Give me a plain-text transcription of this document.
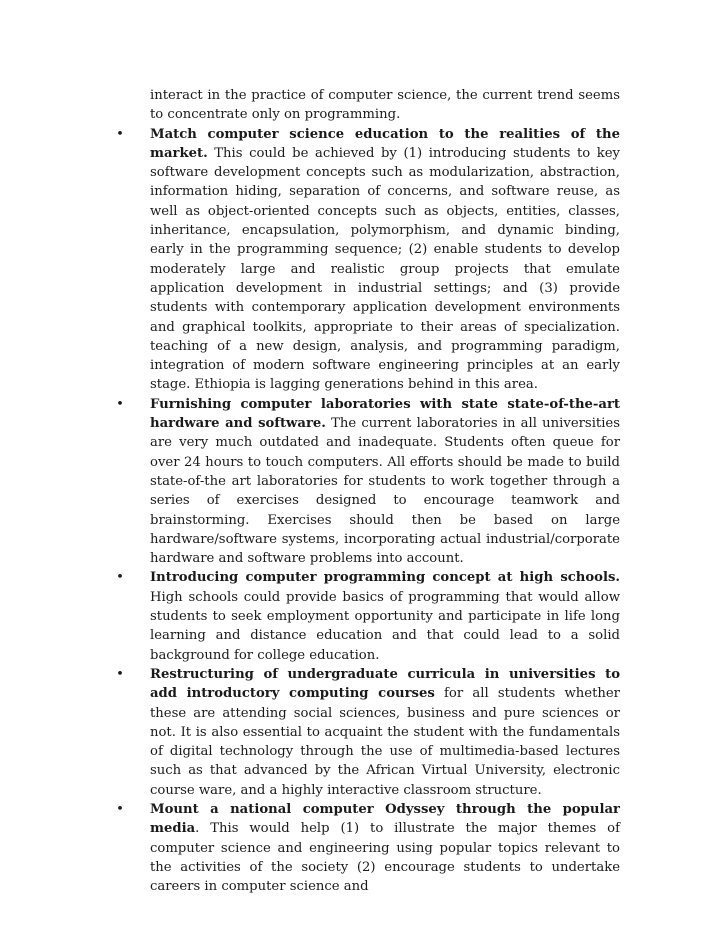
interact in the practice of computer science, the current trend seems to concentrate only on programming.

• Match computer science education to the realities of the market. This could be achieved by (1) introducing students to key software development concepts such as modularization, abstraction, information hiding, separation of concerns, and software reuse, as well as object-oriented concepts such as objects, entities, classes, inheritance, encapsulation, polymorphism, and dynamic binding, early in the programming sequence; (2) enable students to develop moderately large and realistic group projects that emulate application development in industrial settings; and (3) provide students with contemporary application development environments and graphical toolkits, appropriate to their areas of specialization. teaching of a new design, analysis, and programming paradigm, integration of modern software engineering principles at an early stage. Ethiopia is lagging generations behind in this area.

• Furnishing computer laboratories with state state-of-the-art hardware and software. The current laboratories in all universities are very much outdated and inadequate. Students often queue for over 24 hours to touch computers. All efforts should be made to build state-of-the art laboratories for students to work together through a series of exercises designed to encourage teamwork and brainstorming. Exercises should then be based on large hardware/software systems, incorporating actual industrial/corporate hardware and software problems into account.

• Introducing computer programming concept at high schools. High schools could provide basics of programming that would allow students to seek employment opportunity and participate in life long learning and distance education and that could lead to a solid background for college education.

• Restructuring of undergraduate curricula in universities to add introductory computing courses for all students whether these are attending social sciences, business and pure sciences or not. It is also essential to acquaint the student with the fundamentals of digital technology through the use of multimedia-based lectures such as that advanced by the African Virtual University, electronic course ware, and a highly interactive classroom structure.

• Mount a national computer Odyssey through the popular media. This would help (1) to illustrate the major themes of computer science and engineering using popular topics relevant to the activities of the society (2) encourage students to undertake careers in computer science and
